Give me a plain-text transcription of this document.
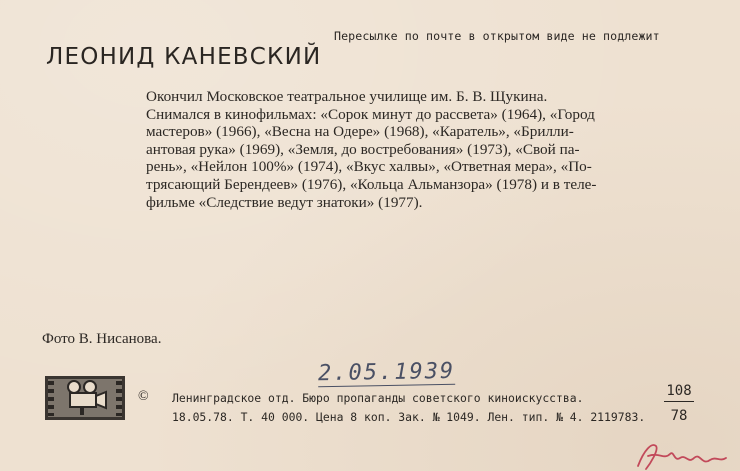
Пересылке по почте в открытом виде не подлежит
ЛЕОНИД КАНЕВСКИЙ
Окончил Московское театральное училище им. Б. В. Щукина.
Снимался в кинофильмах: «Сорок минут до рассвета» (1964), «Город
мастеров» (1966), «Весна на Одере» (1968), «Каратель», «Брилли-
антовая рука» (1969), «Земля, до востребования» (1973), «Свой па-
рень», «Нейлон 100%» (1974), «Вкус халвы», «Ответная мера», «По-
трясающий Берендеев» (1976), «Кольца Альманзора» (1978) и в теле-
фильме «Следствие ведут знатоки» (1977).
Фото В. Нисанова.
2.05.1939
© Ленинградское отд. Бюро пропаганды советского киноискусства.
18.05.78. Т. 40 000. Цена 8 коп. Зак. № 1049. Лен. тип. № 4. 2119783. $\frac{108}{78}$
